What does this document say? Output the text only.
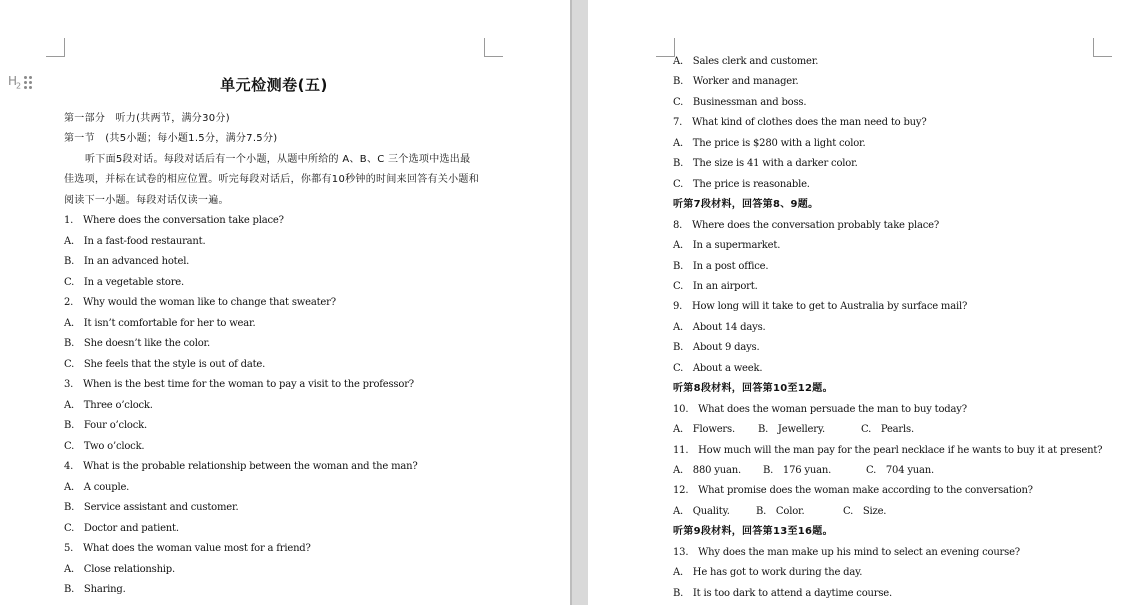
$H_2$	单元检测卷(五)
第一部分　听力(共两节，满分30分)
第一节　(共5小题；每小题1.5分，满分7.5分)
听下面5段对话。每段对话后有一个小题，从题中所给的 A、B、C 三个选项中选出最
佳选项，并标在试卷的相应位置。听完每段对话后，你都有10秒钟的时间来回答有关小题和
阅读下一小题。每段对话仅读一遍。
1.　Where does the conversation take place?
A.　In a fast-food restaurant.
B.　In an advanced hotel.
C.　In a vegetable store.
2.　Why would the woman like to change that sweater?
A.　It isn’t comfortable for her to wear.
B.　She doesn’t like the color.
C.　She feels that the style is out of date.
3.　When is the best time for the woman to pay a visit to the professor?
A.　Three o’clock.
B.　Four o’clock.
C.　Two o’clock.
4.　What is the probable relationship between the woman and the man?
A.　A couple.
B.　Service assistant and customer.
C.　Doctor and patient.
5.　What does the woman value most for a friend?
A.　Close relationship.
B.　Sharing.
A.　Sales clerk and customer.
B.　Worker and manager.
C.　Businessman and boss.
7.　What kind of clothes does the man need to buy?
A.　The price is $280 with a light color.
B.　The size is 41 with a darker color.
C.　The price is reasonable.
听第7段材料，回答第8、9题。
8.　Where does the conversation probably take place?
A.　In a supermarket.
B.　In a post office.
C.　In an airport.
9.　How long will it take to get to Australia by surface mail?
A.　About 14 days.
B.　About 9 days.
C.　About a week.
听第8段材料，回答第10至12题。
10.　What does the woman persuade the man to buy today?
A.　Flowers. B.　Jewellery.	C.　Pearls.
11.　How much will the man pay for the pearl necklace if he wants to buy it at present?
A.　880 yuan. B.　176 yuan.	C.　704 yuan.
12.　What promise does the woman make according to the conversation?
A.　Quality.	B.　Color.	C.　Size.
听第9段材料，回答第13至16题。
13.　Why does the man make up his mind to select an evening course?
A.　He has got to work during the day.
B.　It is too dark to attend a daytime course.
